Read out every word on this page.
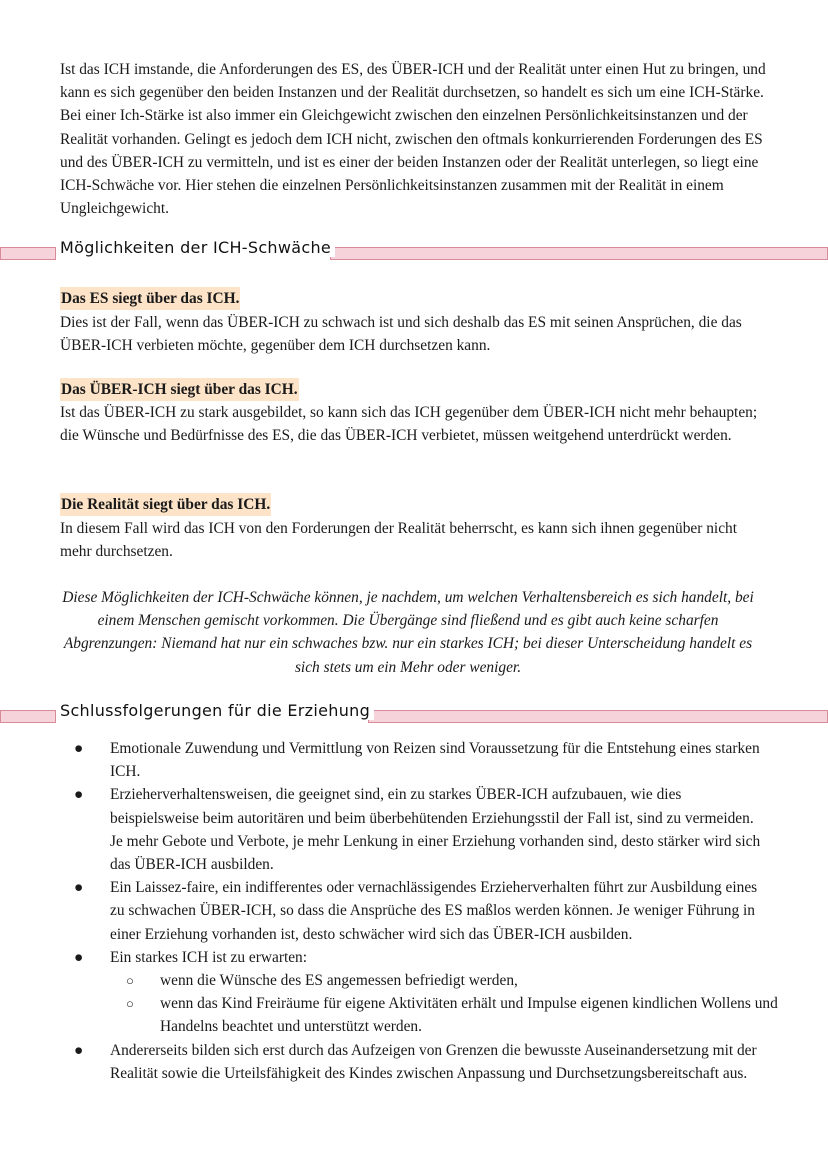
Ist das ICH imstande, die Anforderungen des ES, des ÜBER-ICH und der Realität unter einen Hut zu bringen, und kann es sich gegenüber den beiden Instanzen und der Realität durchsetzen, so handelt es sich um eine ICH-Stärke. Bei einer Ich-Stärke ist also immer ein Gleichgewicht zwischen den einzelnen Persönlichkeitsinstanzen und der Realität vorhanden. Gelingt es jedoch dem ICH nicht, zwischen den oftmals konkurrierenden Forderungen des ES und des ÜBER-ICH zu vermitteln, und ist es einer der beiden Instanzen oder der Realität unterlegen, so liegt eine ICH-Schwäche vor. Hier stehen die einzelnen Persönlichkeitsinstanzen zusammen mit der Realität in einem Ungleichgewicht.

Möglichkeiten der ICH-Schwäche

Das ES siegt über das ICH.

Dies ist der Fall, wenn das ÜBER-ICH zu schwach ist und sich deshalb das ES mit seinen Ansprüchen, die das ÜBER-ICH verbieten möchte, gegenüber dem ICH durchsetzen kann.

Das ÜBER-ICH siegt über das ICH.

Ist das ÜBER-ICH zu stark ausgebildet, so kann sich das ICH gegenüber dem ÜBER-ICH nicht mehr behaupten; die Wünsche und Bedürfnisse des ES, die das ÜBER-ICH verbietet, müssen weitgehend unterdrückt werden.

Die Realität siegt über das ICH.

In diesem Fall wird das ICH von den Forderungen der Realität beherrscht, es kann sich ihnen gegenüber nicht mehr durchsetzen.

Diese Möglichkeiten der ICH-Schwäche können, je nachdem, um welchen Verhaltensbereich es sich handelt, bei einem Menschen gemischt vorkommen. Die Übergänge sind fließend und es gibt auch keine scharfen Abgrenzungen: Niemand hat nur ein schwaches bzw. nur ein starkes ICH; bei dieser Unterscheidung handelt es sich stets um ein Mehr oder weniger.

Schlussfolgerungen für die Erziehung
● Emotionale Zuwendung und Vermittlung von Reizen sind Voraussetzung für die Entstehung eines starken ICH.
● Erzieherverhaltensweisen, die geeignet sind, ein zu starkes ÜBER-ICH aufzubauen, wie dies beispielsweise beim autoritären und beim überbehütenden Erziehungsstil der Fall ist, sind zu vermeiden. Je mehr Gebote und Verbote, je mehr Lenkung in einer Erziehung vorhanden sind, desto stärker wird sich das ÜBER-ICH ausbilden.
● Ein Laissez-faire, ein indifferentes oder vernachlässigendes Erzieherverhalten führt zur Ausbildung eines zu schwachen ÜBER-ICH, so dass die Ansprüche des ES maßlos werden können. Je weniger Führung in einer Erziehung vorhanden ist, desto schwächer wird sich das ÜBER-ICH ausbilden.
● Ein starkes ICH ist zu erwarten:
○ wenn die Wünsche des ES angemessen befriedigt werden,
○ wenn das Kind Freiräume für eigene Aktivitäten erhält und Impulse eigenen kindlichen Wollens und Handelns beachtet und unterstützt werden.
● Andererseits bilden sich erst durch das Aufzeigen von Grenzen die bewusste Auseinandersetzung mit der Realität sowie die Urteilsfähigkeit des Kindes zwischen Anpassung und Durchsetzungsbereitschaft aus.
